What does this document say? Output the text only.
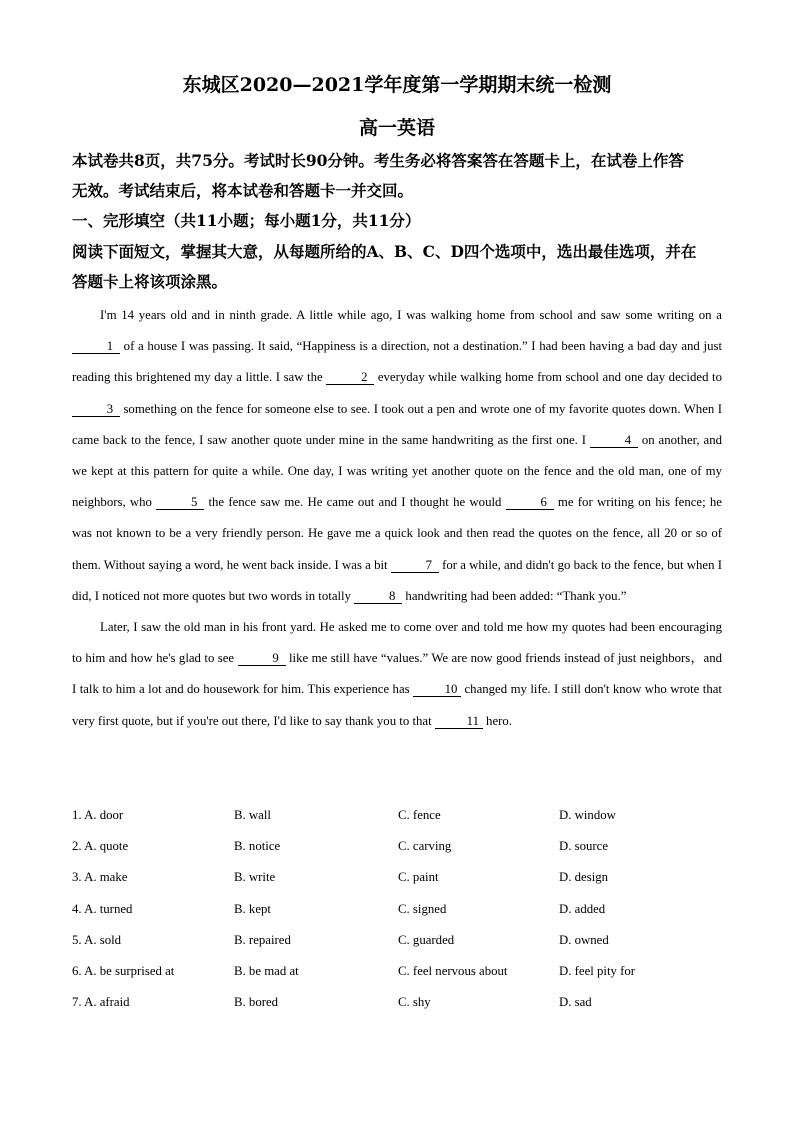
东城区2020—2021学年度第一学期期末统一检测
高一英语
本试卷共8页，共75分。考试时长90分钟。考生务必将答案答在答题卡上，在试卷上作答
无效。考试结束后，将本试卷和答题卡一并交回。
一、完形填空（共11小题；每小题1分，共11分）
阅读下面短文，掌握其大意，从每题所给的A、B、C、D四个选项中，选出最佳选项，并在
答题卡上将该项涂黑。

I'm 14 years old and in ninth grade. A little while ago, I was walking home from school and saw some writing on a 1 of a house I was passing. It said, “Happiness is a direction, not a destination.” I had been having a bad day and just reading this brightened my day a little. I saw the	2 everyday while walking home from school and one day decided to 3 something on the fence for someone else to see. I took out a pen and wrote one of my favorite quotes down. When I came back to the fence, I saw another quote under mine in the same handwriting as the first one. I	4 on another, and we kept at this pattern for quite a while. One day, I was writing yet another quote on the fence and the old man, one of my neighbors, who	5 the fence saw me. He came out and I thought he would	6 me for writing on his fence; he was not known to be a very friendly person. He gave me a quick look and then read the quotes on the fence, all 20 or so of them. Without saying a word, he went back inside. I was a bit	7 for a while, and didn't go back to the fence, but when I did, I noticed not more quotes but two words in totally	8 handwriting had been added: “Thank you.”

Later, I saw the old man in his front yard. He asked me to come over and told me how my quotes had been encouraging to him and how he's glad to see	9 like me still have “values.” We are now good friends instead of just neighbors，and I talk to him a lot and do housework for him. This experience has 10 changed my life. I still don't know who wrote that very first quote, but if you're out there, I'd like to say thank you to that 11 hero.

1. A. door	B. wall	C. fence	D. window
2. A. quote	B. notice	C. carving	D. source
3. A. make	B. write	C. paint	D. design
4. A. turned	B. kept	C. signed	D. added
5. A. sold	B. repaired	C. guarded	D. owned
6. A. be surprised at	B. be mad at	C. feel nervous about	D. feel pity for
7. A. afraid	B. bored	C. shy	D. sad
